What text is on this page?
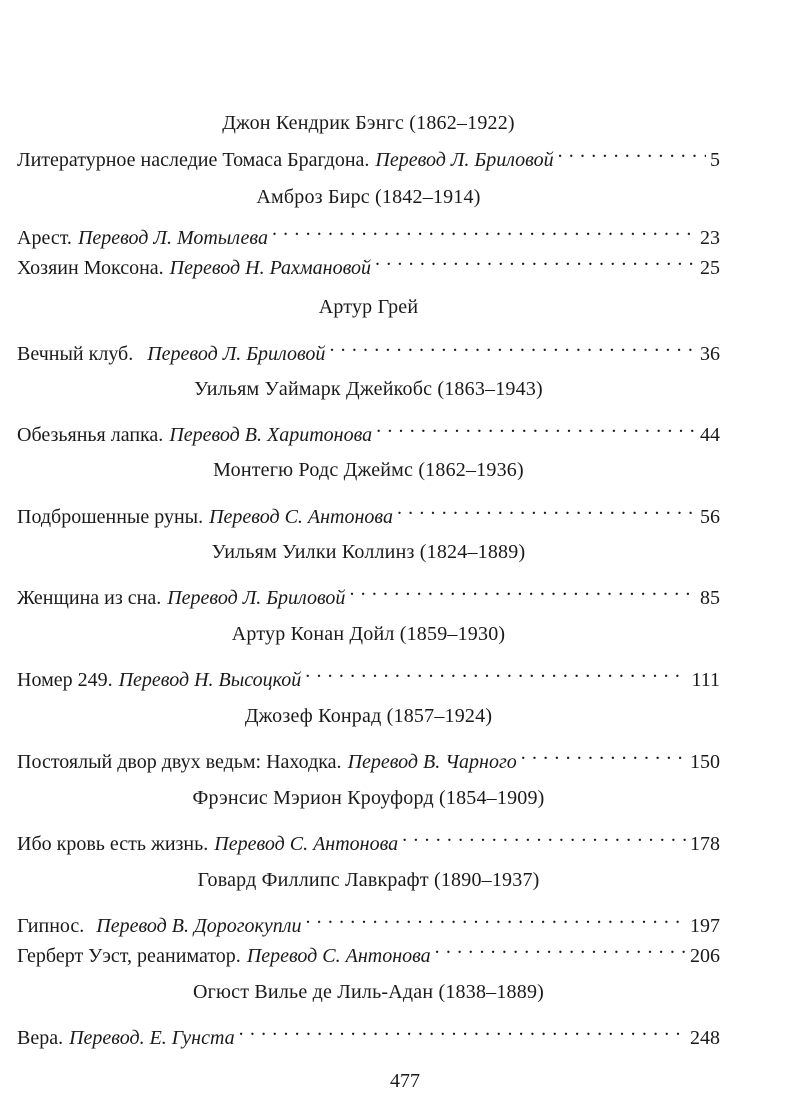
Джон Кендрик Бэнгс (1862–1922)
Литературное наследие Томаса Брагдона. Перевод Л. Бриловой . . .	5
Амброз Бирс (1842–1914)
Арест. Перевод Л. Мотылева . . .	23
Хозяин Моксона. Перевод Н. Рахмановой . . .	25
Артур Грей
Вечный клуб. Перевод Л. Бриловой . . .	36
Уильям Уаймарк Джейкобс (1863–1943)
Обезьянья лапка. Перевод В. Харитонова . . .	44
Монтегю Родс Джеймс (1862–1936)
Подброшенные руны. Перевод С. Антонова . . .	56
Уильям Уилки Коллинз (1824–1889)
Женщина из сна. Перевод Л. Бриловой . . .	85
Артур Конан Дойл (1859–1930)
Номер 249. Перевод Н. Высоцкой . . .	111
Джозеф Конрад (1857–1924)
Постоялый двор двух ведьм: Находка. Перевод В. Чарного . . .	150
Фрэнсис Мэрион Кроуфорд (1854–1909)
Ибо кровь есть жизнь. Перевод С. Антонова . . .	178
Говард Филлипс Лавкрафт (1890–1937)
Гипнос. Перевод В. Дорогокупли . . .	197
Герберт Уэст, реаниматор. Перевод С. Антонова . . .	206
Огюст Вилье де Лиль-Адан (1838–1889)
Вера. Перевод. Е. Гунста . . .	248
477
